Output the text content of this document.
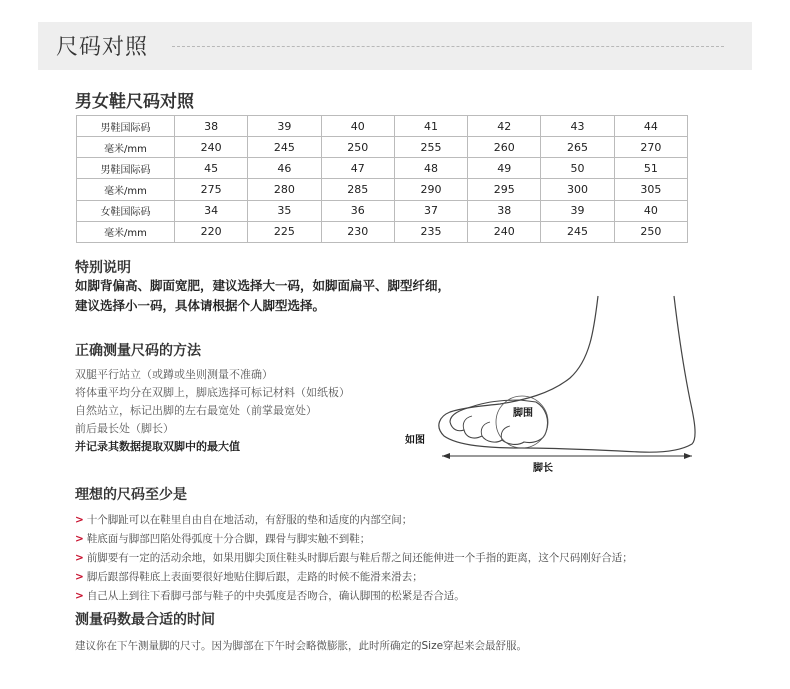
尺码对照
男女鞋尺码对照
男鞋国际码	38	39	40	41	42	43	44
毫米/mm	240	245	250	255	260	265	270
男鞋国际码	45	46	47	48	49	50	51
毫米/mm	275	280	285	290	295	300	305
女鞋国际码	34	35	36	37	38	39	40
毫米/mm	220	225	230	235	240	245	250
特别说明
如脚背偏高、脚面宽肥，建议选择大一码，如脚面扁平、脚型纤细，
建议选择小一码，具体请根据个人脚型选择。
正确测量尺码的方法
双腿平行站立（或蹲或坐则测量不准确）
将体重平均分在双脚上，脚底选择可标记材料（如纸板）
自然站立，标记出脚的左右最宽处（前掌最宽处）
前后最长处（脚长）
并记录其数据提取双脚中的最大值
脚围
如图
脚长
理想的尺码至少是
> 十个脚趾可以在鞋里自由自在地活动，有舒服的垫和适度的内部空间；
> 鞋底面与脚部凹陷处得弧度十分合脚，踝骨与脚实触不到鞋；
> 前脚要有一定的活动余地，如果用脚尖顶住鞋头时脚后跟与鞋后帮之间还能伸进一个手指的距离，这个尺码刚好合适；
> 脚后跟部得鞋底上表面要很好地贴住脚后跟，走路的时候不能滑来滑去；
> 自己从上到往下看脚弓部与鞋子的中央弧度是否吻合，确认脚围的松紧是否合适。
测量码数最合适的时间
建议你在下午测量脚的尺寸。因为脚部在下午时会略微膨胀，此时所确定的Size穿起来会最舒服。
